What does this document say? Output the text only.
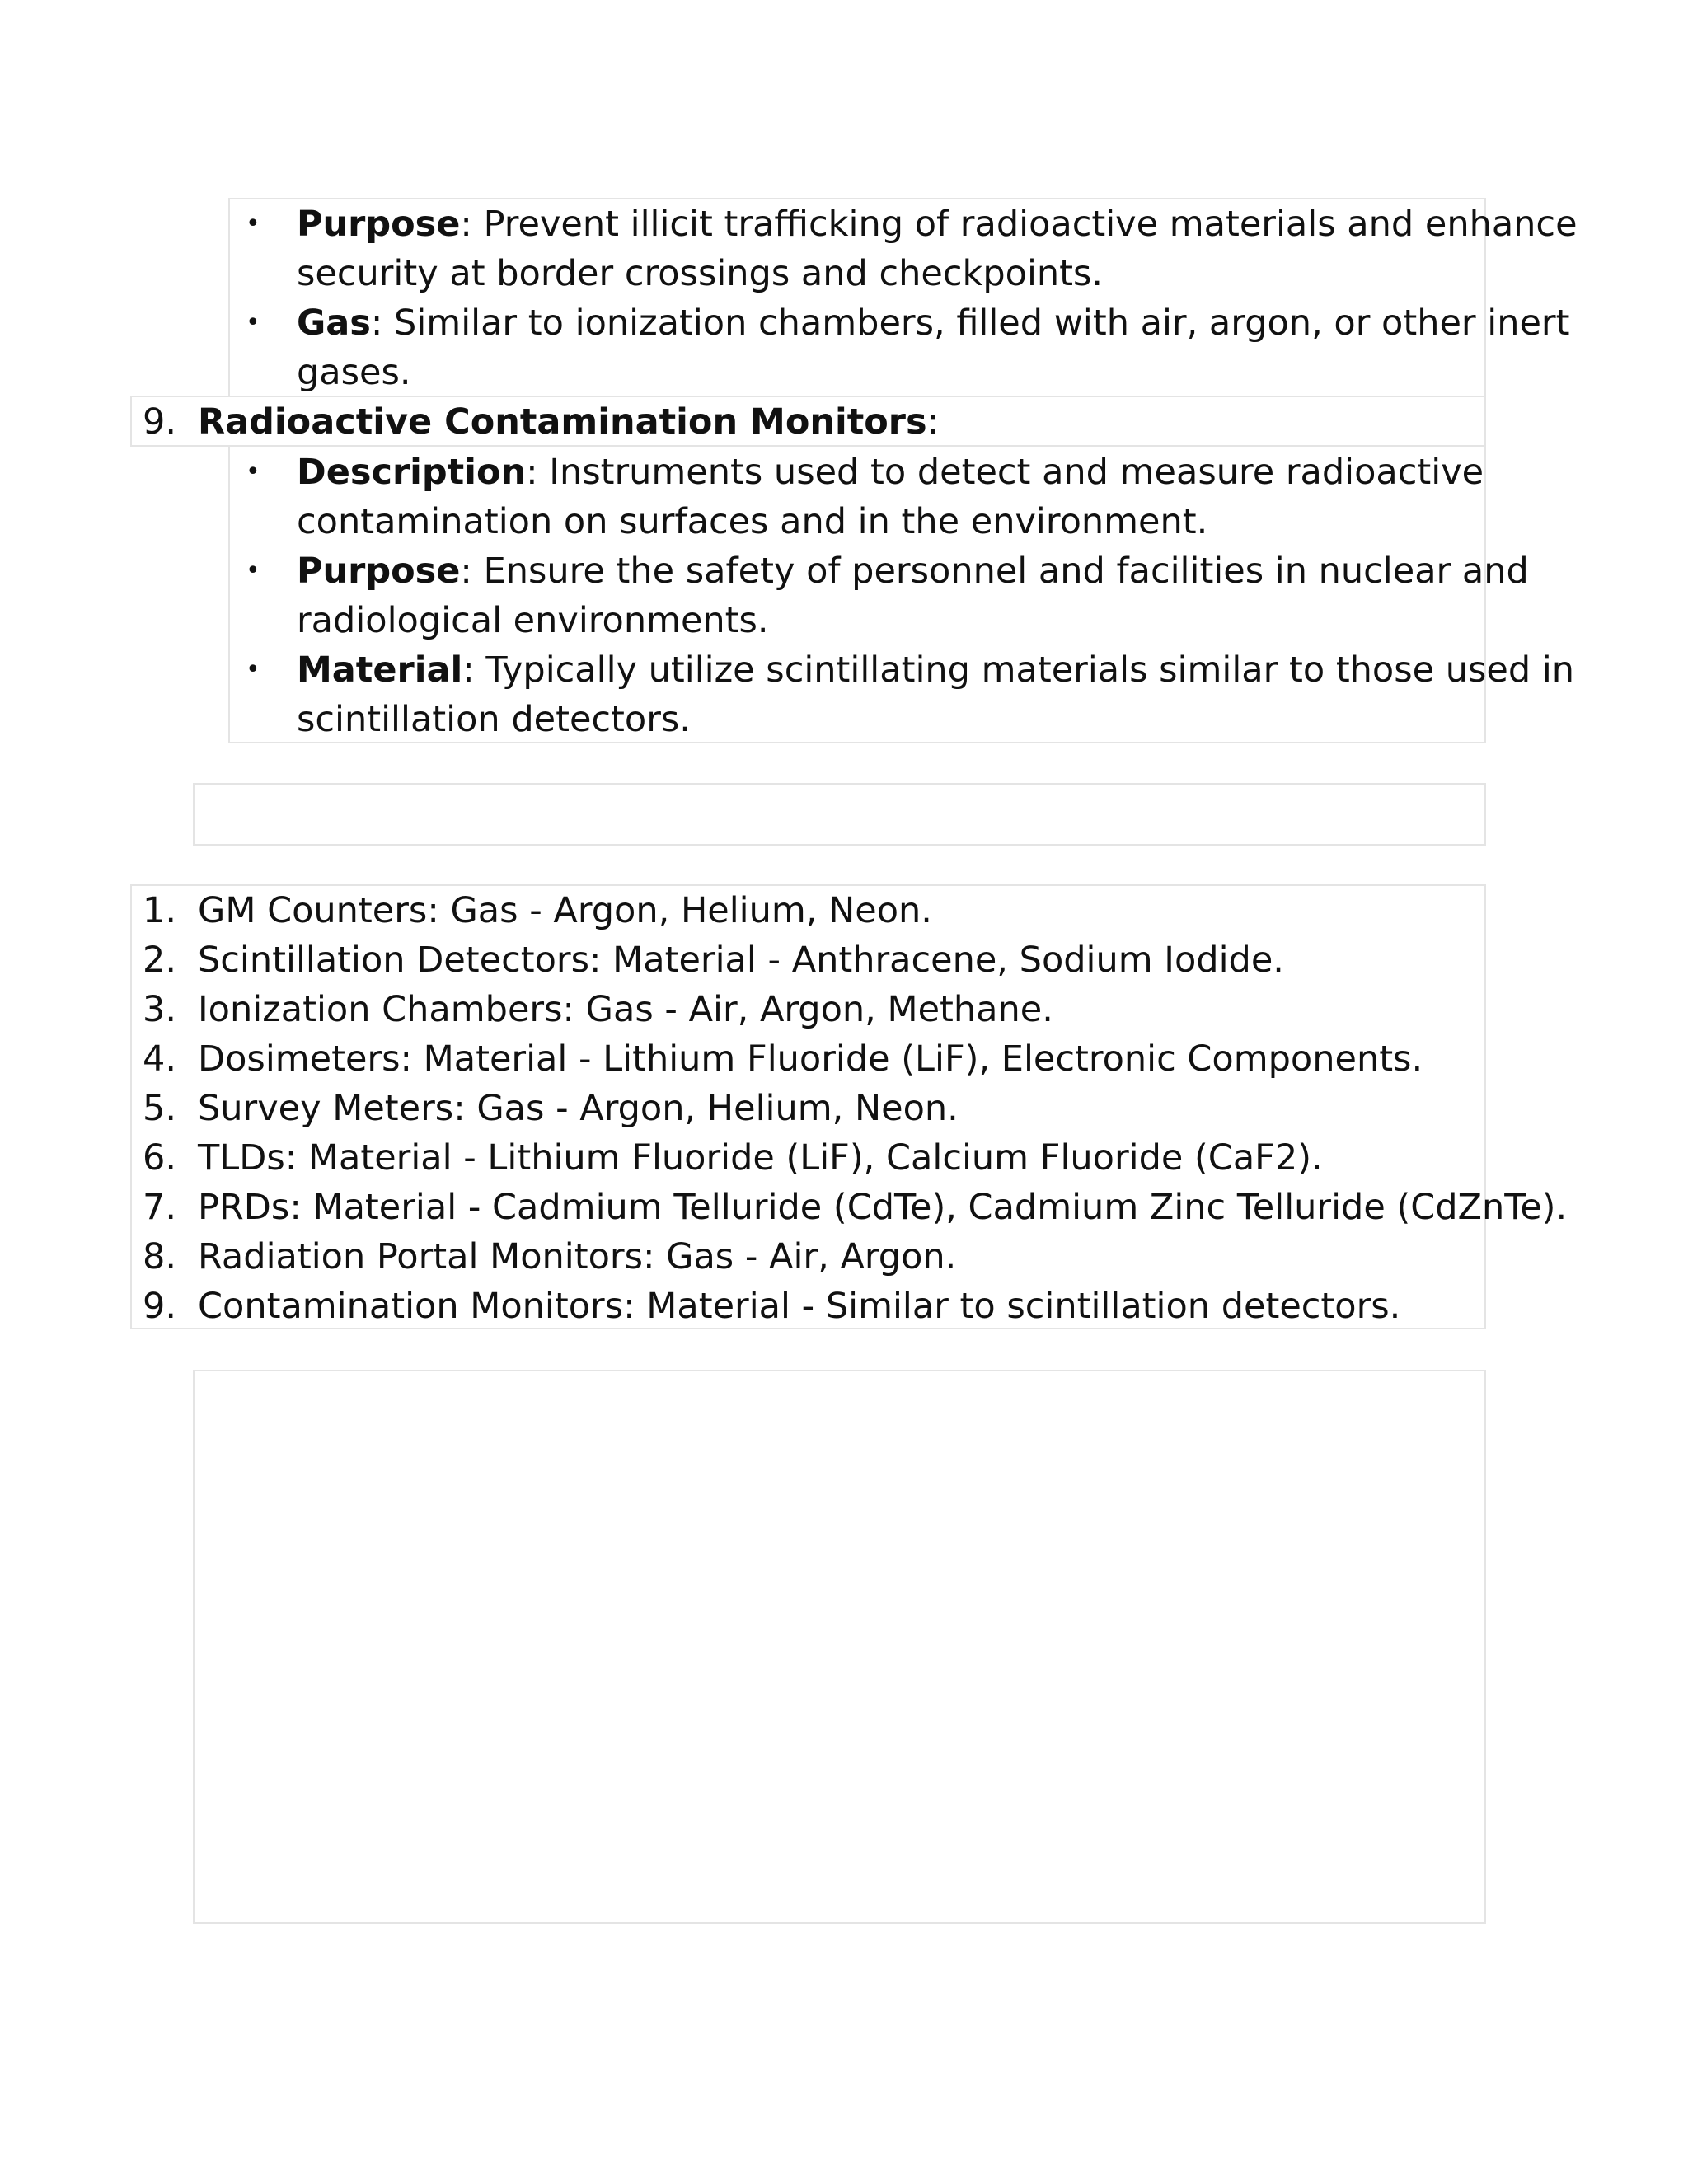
• Purpose: Prevent illicit trafficking of radioactive materials and enhance
security at border crossings and checkpoints.
• Gas: Similar to ionization chambers, filled with air, argon, or other inert
gases.
9. Radioactive Contamination Monitors:
• Description: Instruments used to detect and measure radioactive
contamination on surfaces and in the environment.
• Purpose: Ensure the safety of personnel and facilities in nuclear and
radiological environments.
• Material: Typically utilize scintillating materials similar to those used in
scintillation detectors.
1. GM Counters: Gas - Argon, Helium, Neon.
2. Scintillation Detectors: Material - Anthracene, Sodium Iodide.
3. Ionization Chambers: Gas - Air, Argon, Methane.
4. Dosimeters: Material - Lithium Fluoride (LiF), Electronic Components.
5. Survey Meters: Gas - Argon, Helium, Neon.
6. TLDs: Material - Lithium Fluoride (LiF), Calcium Fluoride (CaF2).
7. PRDs: Material - Cadmium Telluride (CdTe), Cadmium Zinc Telluride (CdZnTe).
8. Radiation Portal Monitors: Gas - Air, Argon.
9. Contamination Monitors: Material - Similar to scintillation detectors.
